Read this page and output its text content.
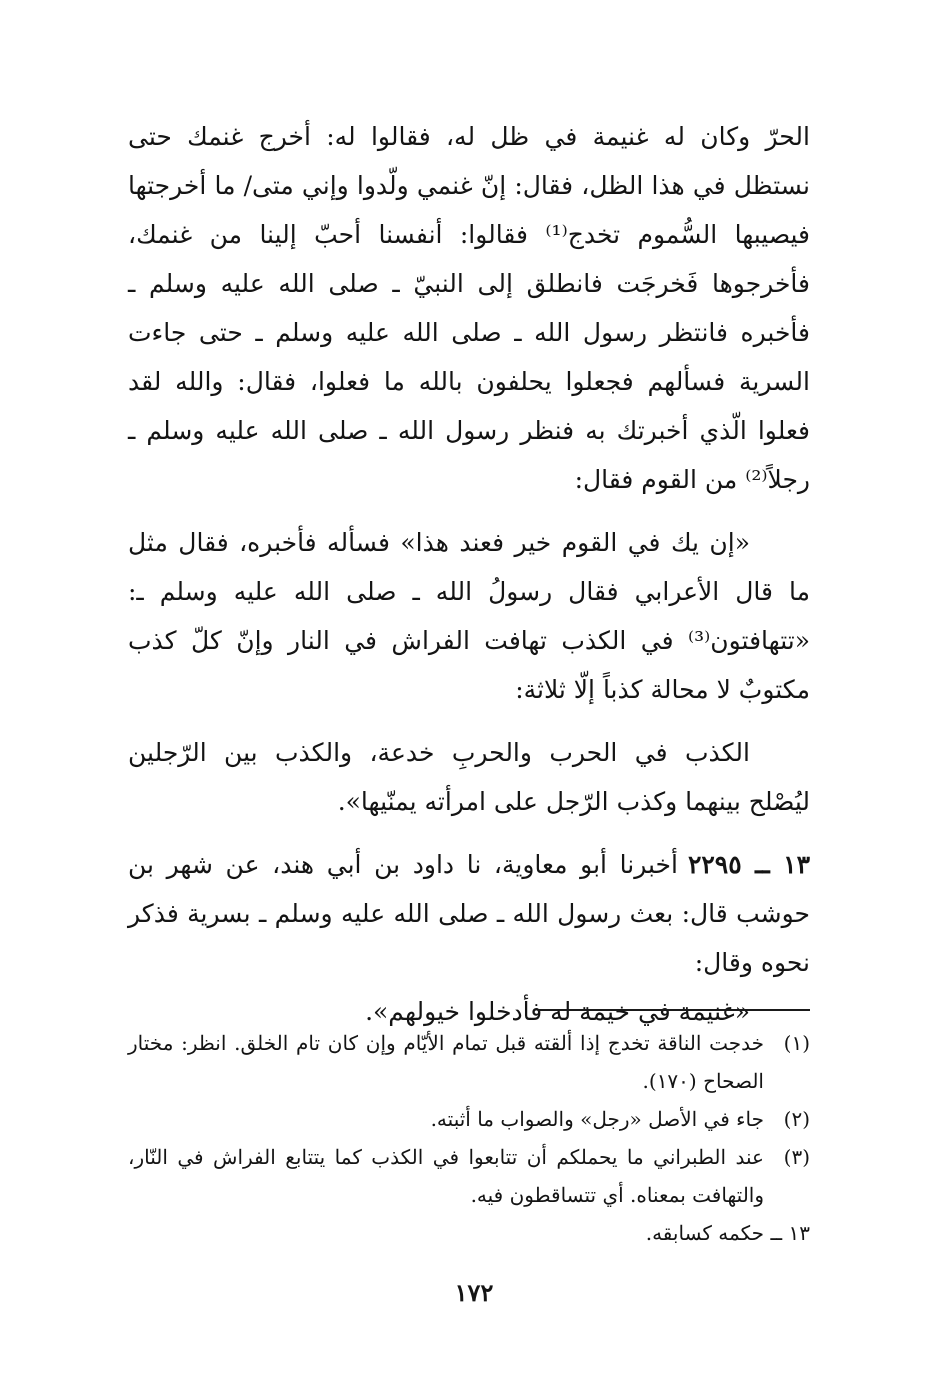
الحرّ وكان له غنيمة في ظل له، فقالوا له: أخرج غنمك حتى نستظل في هذا الظل، فقال: إنّ غنمي ولّدوا وإني متى/ ما أخرجتها فيصيبها السُّموم تخدج⁽¹⁾ فقالوا: أنفسنا أحبّ إلينا من غنمك، فأخرجوها فَخرجَت فانطلق إلى النبيّ ـ صلى الله عليه وسلم ـ فأخبره فانتظر رسول الله ـ صلى الله عليه وسلم ـ حتى جاءت السرية فسألهم فجعلوا يحلفون بالله ما فعلوا، فقال: والله لقد فعلوا الّذي أخبرتك به فنظر رسول الله ـ صلى الله عليه وسلم ـ رجلاً⁽²⁾ من القوم فقال:

«إن يك في القوم خير فعند هذا» فسأله فأخبره، فقال مثل ما قال الأعرابي فقال رسولُ الله ـ صلى الله عليه وسلم ـ: «تتهافتون⁽³⁾ في الكذب تهافت الفراش في النار وإنّ كلّ كذب مكتوبٌ لا محالة كذباً إلّا ثلاثة:

الكذب في الحرب والحربِ خدعة، والكذب بين الرّجلين ليُصْلح بينهما وكذب الرّجل على امرأته يمنّيها».

١٣ ــ ٢٢٩٥أخبرنا أبو معاوية، نا داود بن أبي هند، عن شهر بن حوشب قال: بعث رسول الله ـ صلى الله عليه وسلم ـ بسرية فذكر نحوه وقال:

«غنيمة في خيمة له فأدخلوا خيولهم».

(١)
خدجت الناقة تخدج إذا ألقته قبل تمام الأيّام وإن كان تام الخلق. انظر: مختار الصحاح (١٧٠).
(٢)
جاء في الأصل «رجل» والصواب ما أثبته.
(٣)
عند الطبراني ما يحملكم أن تتابعوا في الكذب كما يتتابع الفراش في النّار، والتهافت بمعناه. أي تتساقطون فيه.
١٣ ــ
حكمه كسابقه.
١٧٢
